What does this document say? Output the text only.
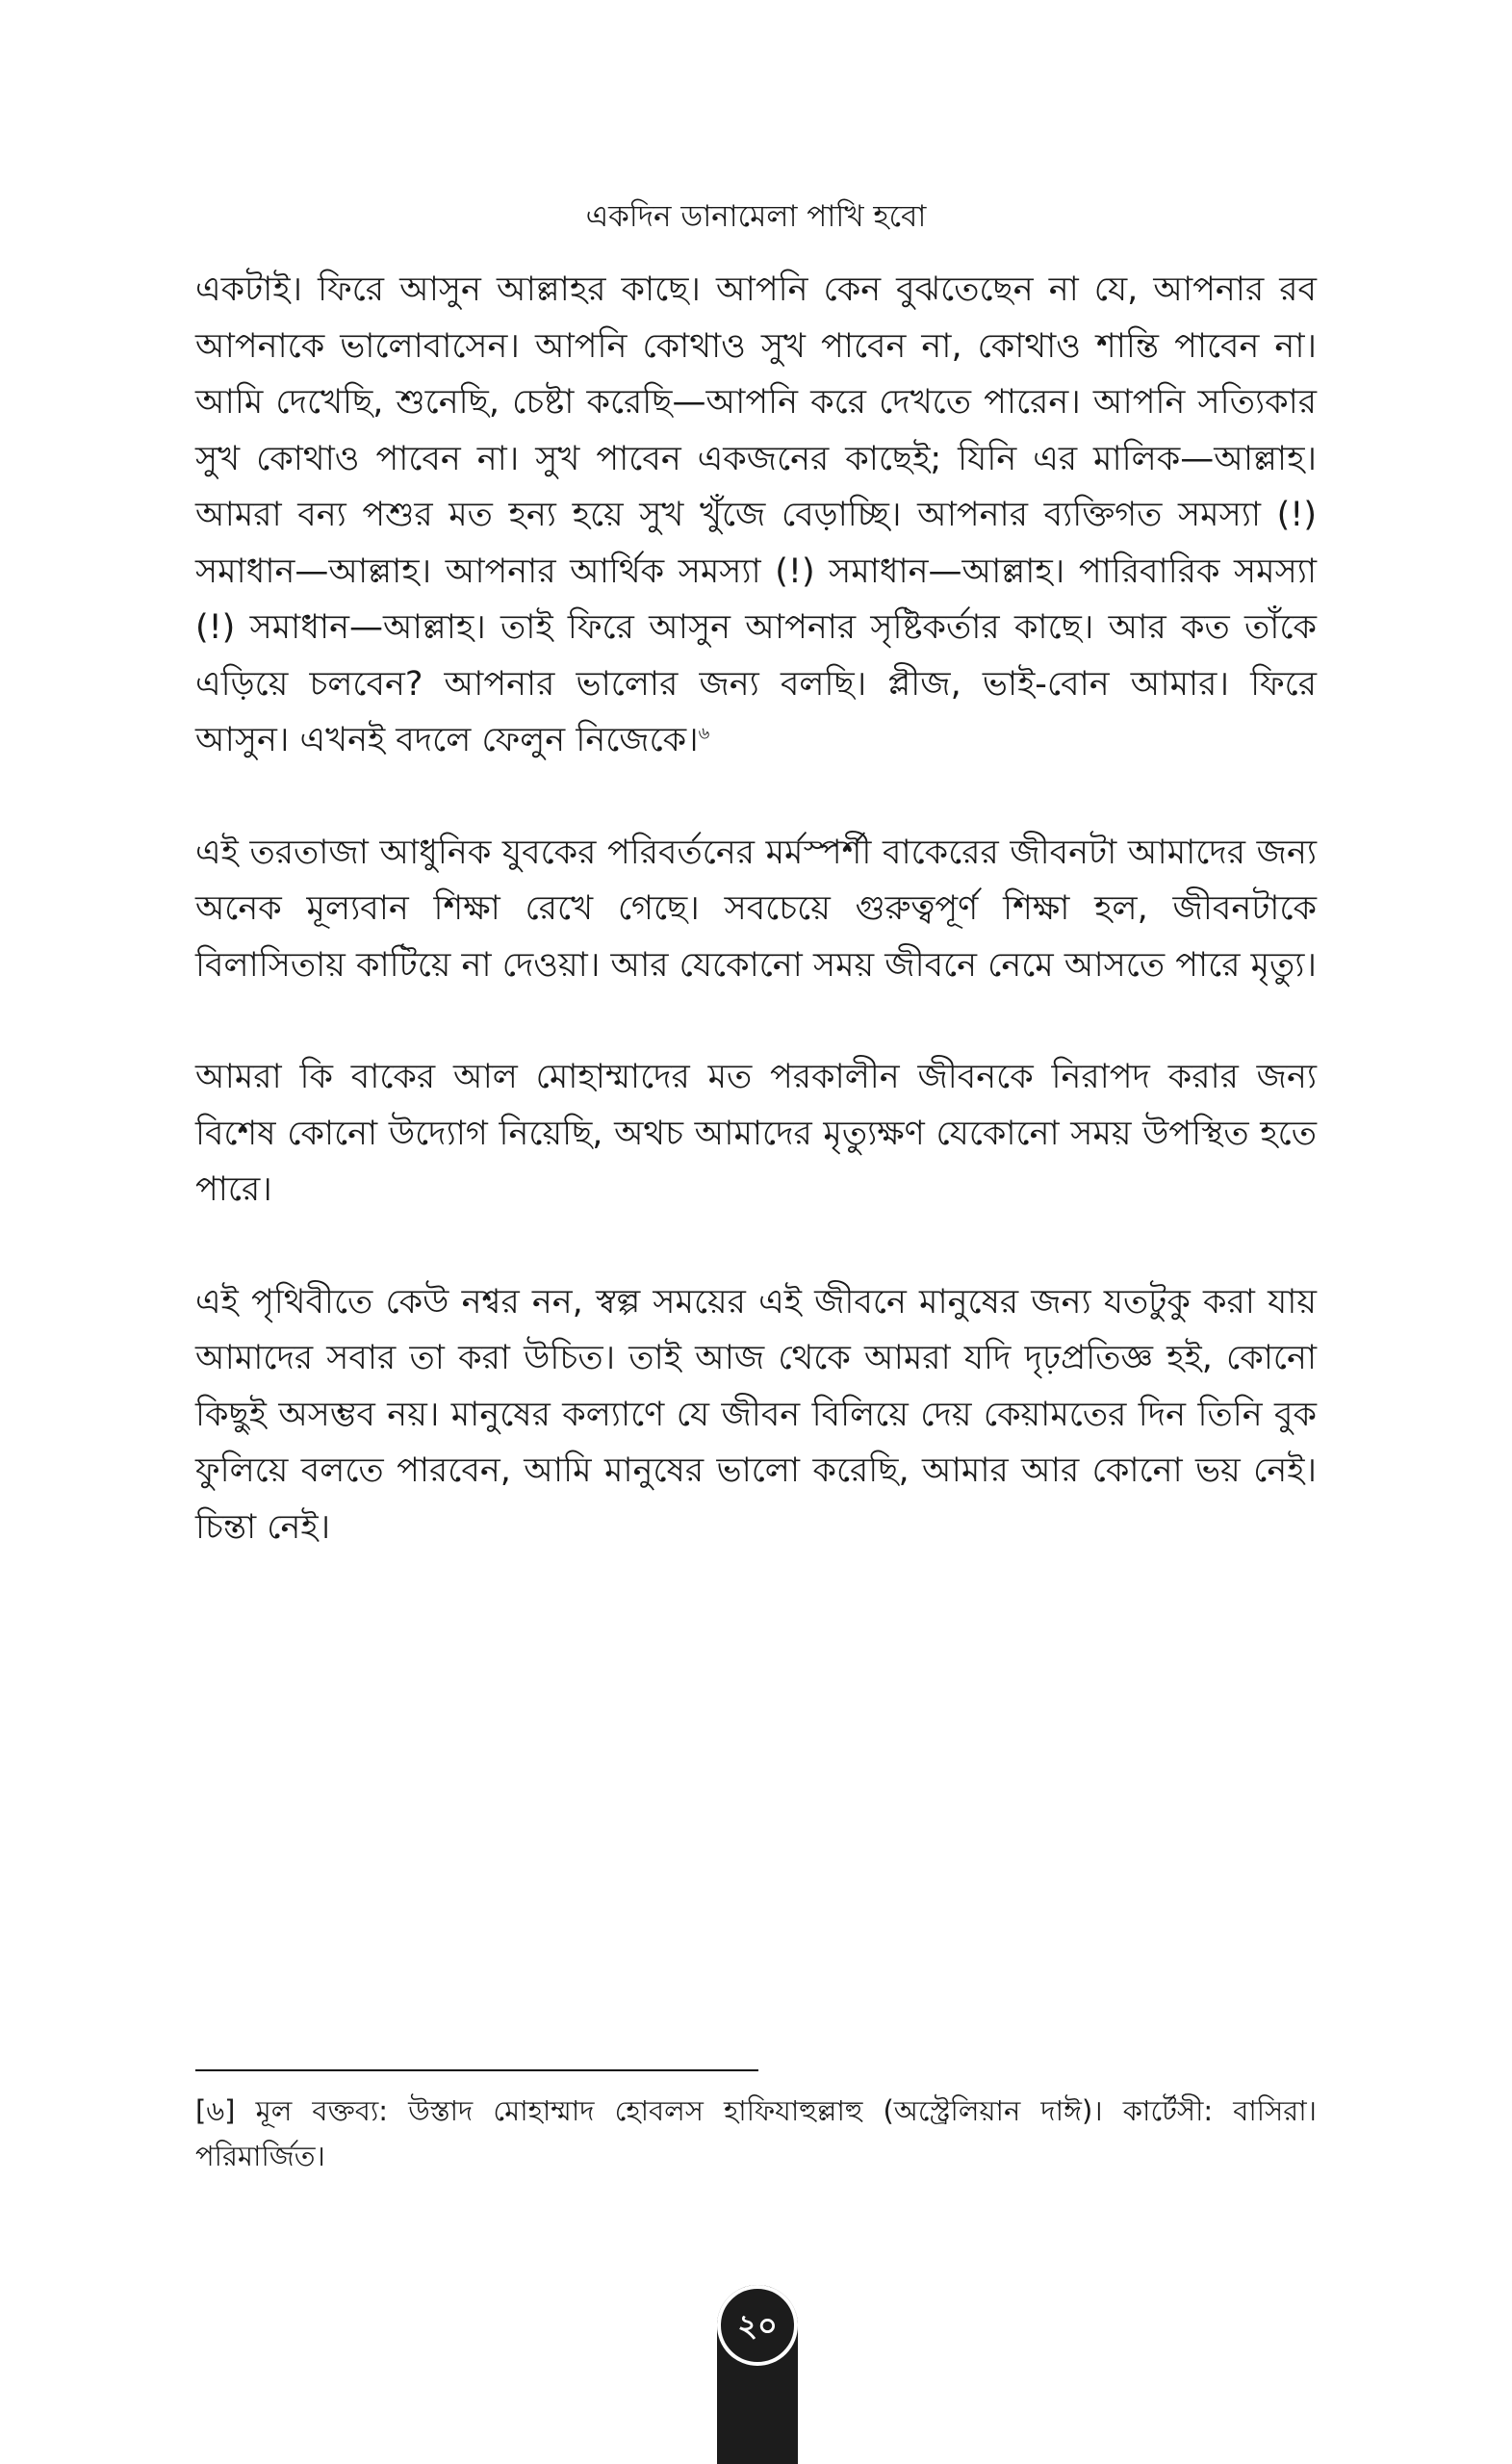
একদিন ডানামেলা পাখি হবো

একটাই। ফিরে আসুন আল্লাহর কাছে। আপনি কেন বুঝতেছেন না যে, আপনার রব আপনাকে ভালোবাসেন। আপনি কোথাও সুখ পাবেন না, কোথাও শান্তি পাবেন না। আমি দেখেছি, শুনেছি, চেষ্টা করেছি—আপনি করে দেখতে পারেন। আপনি সত্যিকার সুখ কোথাও পাবেন না। সুখ পাবেন একজনের কাছেই; যিনি এর মালিক—আল্লাহ। আমরা বন্য পশুর মত হন্য হয়ে সুখ খুঁজে বেড়াচ্ছি। আপনার ব্যক্তিগত সমস্যা (!) সমাধান—আল্লাহ। আপনার আর্থিক সমস্যা (!) সমাধান—আল্লাহ। পারিবারিক সমস্যা (!) সমাধান—আল্লাহ। তাই ফিরে আসুন আপনার সৃষ্টিকর্তার কাছে। আর কত তাঁকে এড়িয়ে চলবেন? আপনার ভালোর জন্য বলছি। প্লীজ, ভাই-বোন আমার। ফিরে আসুন। এখনই বদলে ফেলুন নিজেকে।$^৬$

এই তরতাজা আধুনিক যুবকের পরিবর্তনের মর্মস্পর্শী বাকেরের জীবনটা আমাদের জন্য অনেক মূল্যবান শিক্ষা রেখে গেছে। সবচেয়ে গুরুত্বপূর্ণ শিক্ষা হল, জীবনটাকে বিলাসিতায় কাটিয়ে না দেওয়া। আর যেকোনো সময় জীবনে নেমে আসতে পারে মৃত্যু।

আমরা কি বাকের আল মোহাম্মাদের মত পরকালীন জীবনকে নিরাপদ করার জন্য বিশেষ কোনো উদ্যোগ নিয়েছি, অথচ আমাদের মৃত্যুক্ষণ যেকোনো সময় উপস্থিত হতে পারে।

এই পৃথিবীতে কেউ নশ্বর নন, স্বল্প সময়ের এই জীবনে মানুষের জন্য যতটুকু করা যায় আমাদের সবার তা করা উচিত। তাই আজ থেকে আমরা যদি দৃঢ়প্রতিজ্ঞ হই, কোনো কিছুই অসম্ভব নয়। মানুষের কল্যাণে যে জীবন বিলিয়ে দেয় কেয়ামতের দিন তিনি বুক ফুলিয়ে বলতে পারবেন, আমি মানুষের ভালো করেছি, আমার আর কোনো ভয় নেই। চিন্তা নেই।

[৬] মূল বক্তব্য: উস্তাদ মোহাম্মাদ হোবলস হাফিযাহুল্লাহু (অস্ট্রেলিয়ান দাঈ)। কার্টেসী: বাসিরা। পরিমার্জিত।
২০
